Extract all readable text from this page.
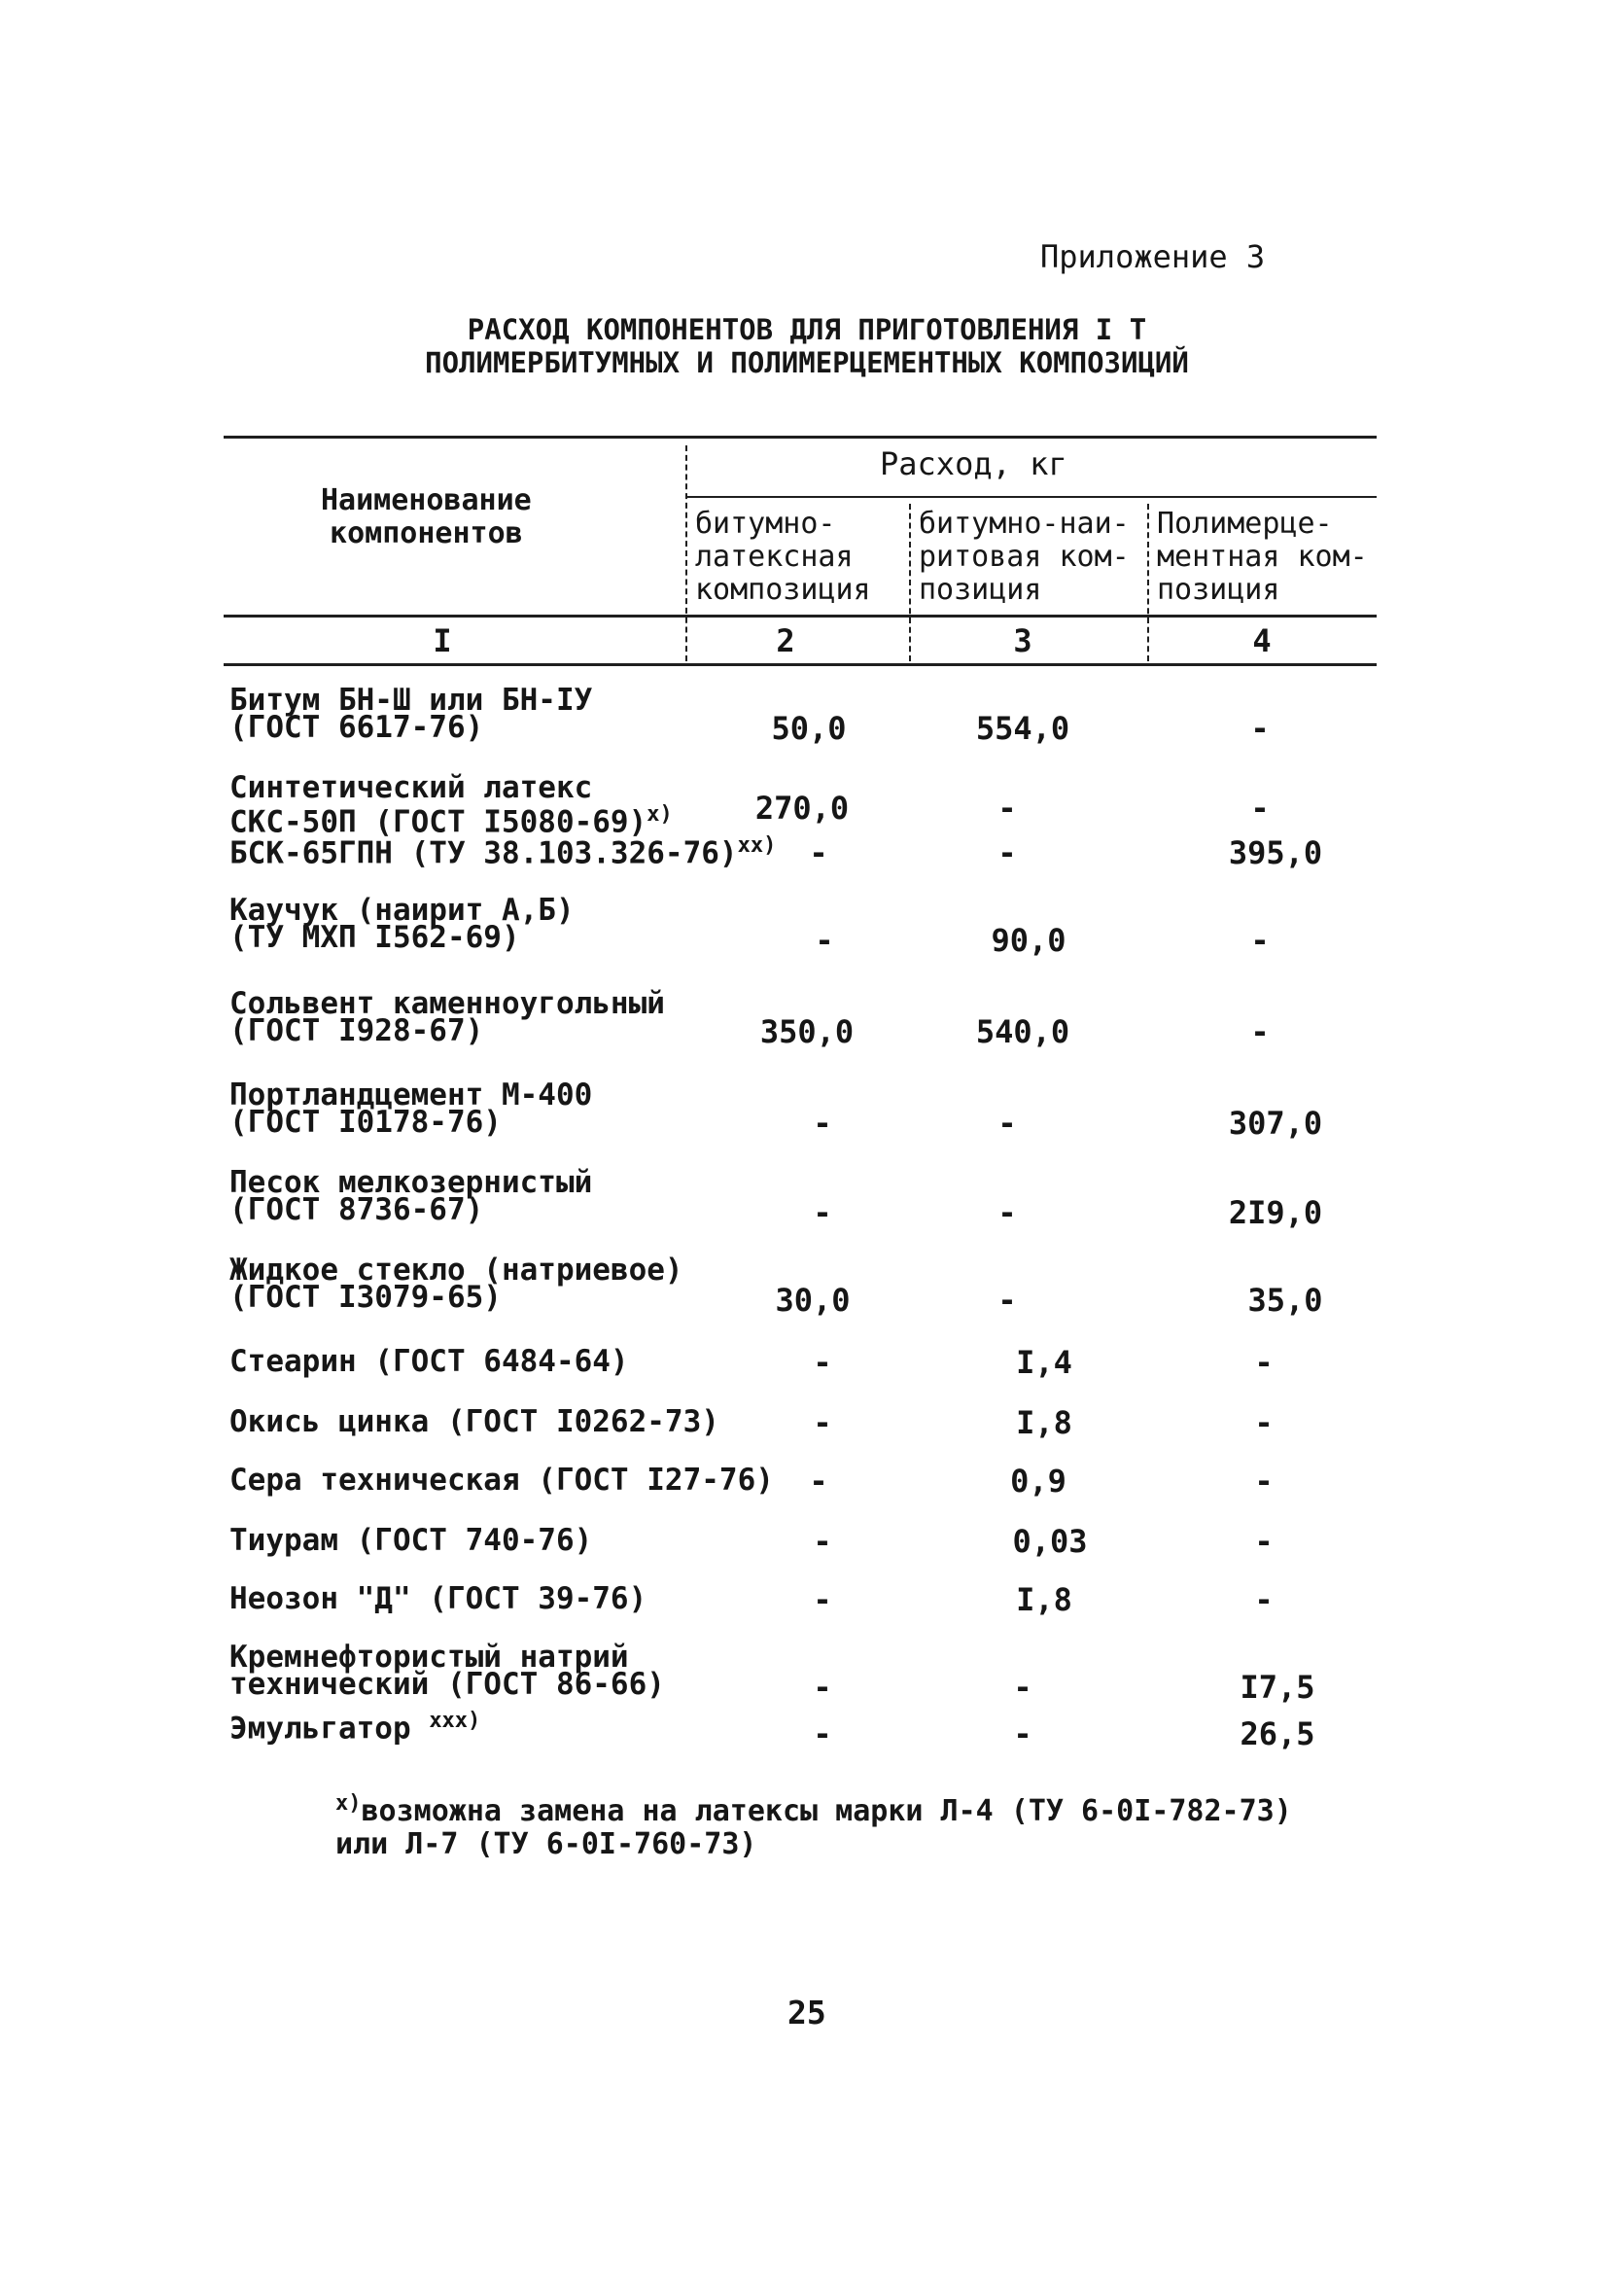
Приложение 3
РАСХОД КОМПОНЕНТОВ ДЛЯ ПРИГОТОВЛЕНИЯ I Т
ПОЛИМЕРБИТУМНЫХ И ПОЛИМЕРЦЕМЕНТНЫХ КОМПОЗИЦИЙ
Наименование
компонентов
Расход, кг
битумно-
латексная
композиция
битумно-наи-
ритовая ком-
позиция
Полимерце-
ментная ком-
позиция
I	2	3	4
Битум БН-Ш или БН-IУ
(ГОСТ 6617-76)	50,0	554,0	-
Синтетический латекс
СКС-50П (ГОСТ I5080-69)$^{x)}$	270,0	-	-
БСК-65ГПН (ТУ 38.103.326-76)$^{xx)}$ -	-	395,0
Каучук (наирит А,Б)
(ТУ МХП I562-69)	-	90,0	-
Сольвент каменноугольный
(ГОСТ I928-67)	350,0	540,0	-
Портландцемент М-400
(ГОСТ I0178-76)	-	-	307,0
Песок мелкозернистый
(ГОСТ 8736-67)	-	-	2I9,0
Жидкое стекло (натриевое)
(ГОСТ I3079-65)	30,0	-	35,0
Стеарин (ГОСТ 6484-64)	-	I,4	-
Окись цинка (ГОСТ I0262-73)	-	I,8	-
Сера техническая (ГОСТ I27-76) -	0,9	-
Тиурам (ГОСТ 740-76)	-	0,03	-
Неозон "Д" (ГОСТ 39-76)	-	I,8	-
Кремнефтористый натрий
технический (ГОСТ 86-66)	-	-	I7,5
Эмульгатор $^{xxx)}$	-	-	26,5
$^{x)}$возможна замена на латексы марки Л-4 (ТУ 6-0I-782-73)
или Л-7 (ТУ 6-0I-760-73)
25
